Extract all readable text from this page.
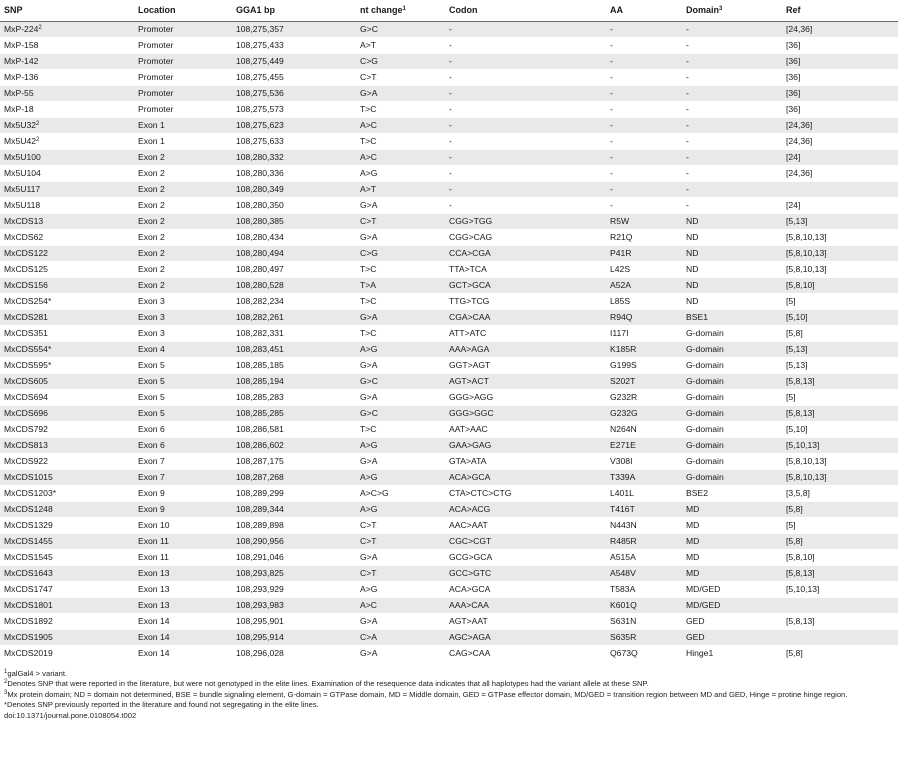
SNP	Location	GGA1 bp	nt change$^1$	Codon	AA	Domain$^3$	Ref
MxP-$224^2$	Promoter	108,275,357	G>C	-	-	-	[24,36]
MxP-158	Promoter	108,275,433	A>T	-	-	-	[36]
MxP-142	Promoter	108,275,449	C>G	-	-	-	[36]
MxP-136	Promoter	108,275,455	C>T	-	-	-	[36]
MxP-55	Promoter	108,275,536	G>A	-	-	-	[36]
MxP-18	Promoter	108,275,573	T>C	-	-	-	[36]
$Mx5U32^2$	Exon 1	108,275,623	A>C	-	-	-	[24,36]
$Mx5U42^2$	Exon 1	108,275,633	T>C	-	-	-	[24,36]
Mx5U100	Exon 2	108,280,332	A>C	-	-	-	[24]
Mx5U104	Exon 2	108,280,336	A>G	-	-	-	[24,36]
Mx5U117	Exon 2	108,280,349	A>T	-	-	-	
Mx5U118	Exon 2	108,280,350	G>A	-	-	-	[24]
MxCDS13	Exon 2	108,280,385	C>T	CGG>TGG	R5W	ND	[5,13]
MxCDS62	Exon 2	108,280,434	G>A	CGG>CAG	R21Q	ND	[5,8,10,13]
MxCDS122	Exon 2	108,280,494	C>G	CCA>CGA	P41R	ND	[5,8,10,13]
MxCDS125	Exon 2	108,280,497	T>C	TTA>TCA	L42S	ND	[5,8,10,13]
MxCDS156	Exon 2	108,280,528	T>A	GCT>GCA	A52A	ND	[5,8,10]
MxCDS254*	Exon 3	108,282,234	T>C	TTG>TCG	L85S	ND	[5]
MxCDS281	Exon 3	108,282,261	G>A	CGA>CAA	R94Q	BSE1	[5,10]
MxCDS351	Exon 3	108,282,331	T>C	ATT>ATC	I117I	G-domain	[5,8]
MxCDS554*	Exon 4	108,283,451	A>G	AAA>AGA	K185R	G-domain	[5,13]
MxCDS595*	Exon 5	108,285,185	G>A	GGT>AGT	G199S	G-domain	[5,13]
MxCDS605	Exon 5	108,285,194	G>C	AGT>ACT	S202T	G-domain	[5,8,13]
MxCDS694	Exon 5	108,285,283	G>A	GGG>AGG	G232R	G-domain	[5]
MxCDS696	Exon 5	108,285,285	G>C	GGG>GGC	G232G	G-domain	[5,8,13]
MxCDS792	Exon 6	108,286,581	T>C	AAT>AAC	N264N	G-domain	[5,10]
MxCDS813	Exon 6	108,286,602	A>G	GAA>GAG	E271E	G-domain	[5,10,13]
MxCDS922	Exon 7	108,287,175	G>A	GTA>ATA	V308I	G-domain	[5,8,10,13]
MxCDS1015	Exon 7	108,287,268	A>G	ACA>GCA	T339A	G-domain	[5,8,10,13]
MxCDS1203*	Exon 9	108,289,299	A>C>G	CTA>CTC>CTG	L401L	BSE2	[3,5,8]
MxCDS1248	Exon 9	108,289,344	A>G	ACA>ACG	T416T	MD	[5,8]
MxCDS1329	Exon 10	108,289,898	C>T	AAC>AAT	N443N	MD	[5]
MxCDS1455	Exon 11	108,290,956	C>T	CGC>CGT	R485R	MD	[5,8]
MxCDS1545	Exon 11	108,291,046	G>A	GCG>GCA	A515A	MD	[5,8,10]
MxCDS1643	Exon 13	108,293,825	C>T	GCC>GTC	A548V	MD	[5,8,13]
MxCDS1747	Exon 13	108,293,929	A>G	ACA>GCA	T583A	MD/GED	[5,10,13]
MxCDS1801	Exon 13	108,293,983	A>C	AAA>CAA	K601Q	MD/GED	
MxCDS1892	Exon 14	108,295,901	G>A	AGT>AAT	S631N	GED	[5,8,13]
MxCDS1905	Exon 14	108,295,914	C>A	AGC>AGA	S635R	GED	
MxCDS2019	Exon 14	108,296,028	G>A	CAG>CAA	Q673Q	Hinge1	[5,8]

$^1$galGal4 > variant.

$^2$Denotes SNP that were reported in the literature, but were not genotyped in the elite lines. Examination of the resequence data indicates that all haplotypes had the variant allele at these SNP.

$^3$Mx protein domain; ND = domain not determined, BSE = bundle signaling element, G-domain = GTPase domain, MD = Middle domain, GED = GTPase effector domain, MD/GED = transition region between MD and GED, Hinge = protine hinge region.

*Denotes SNP previously reported in the literature and found not segregating in the elite lines.

doi:10.1371/journal.pone.0108054.t002
